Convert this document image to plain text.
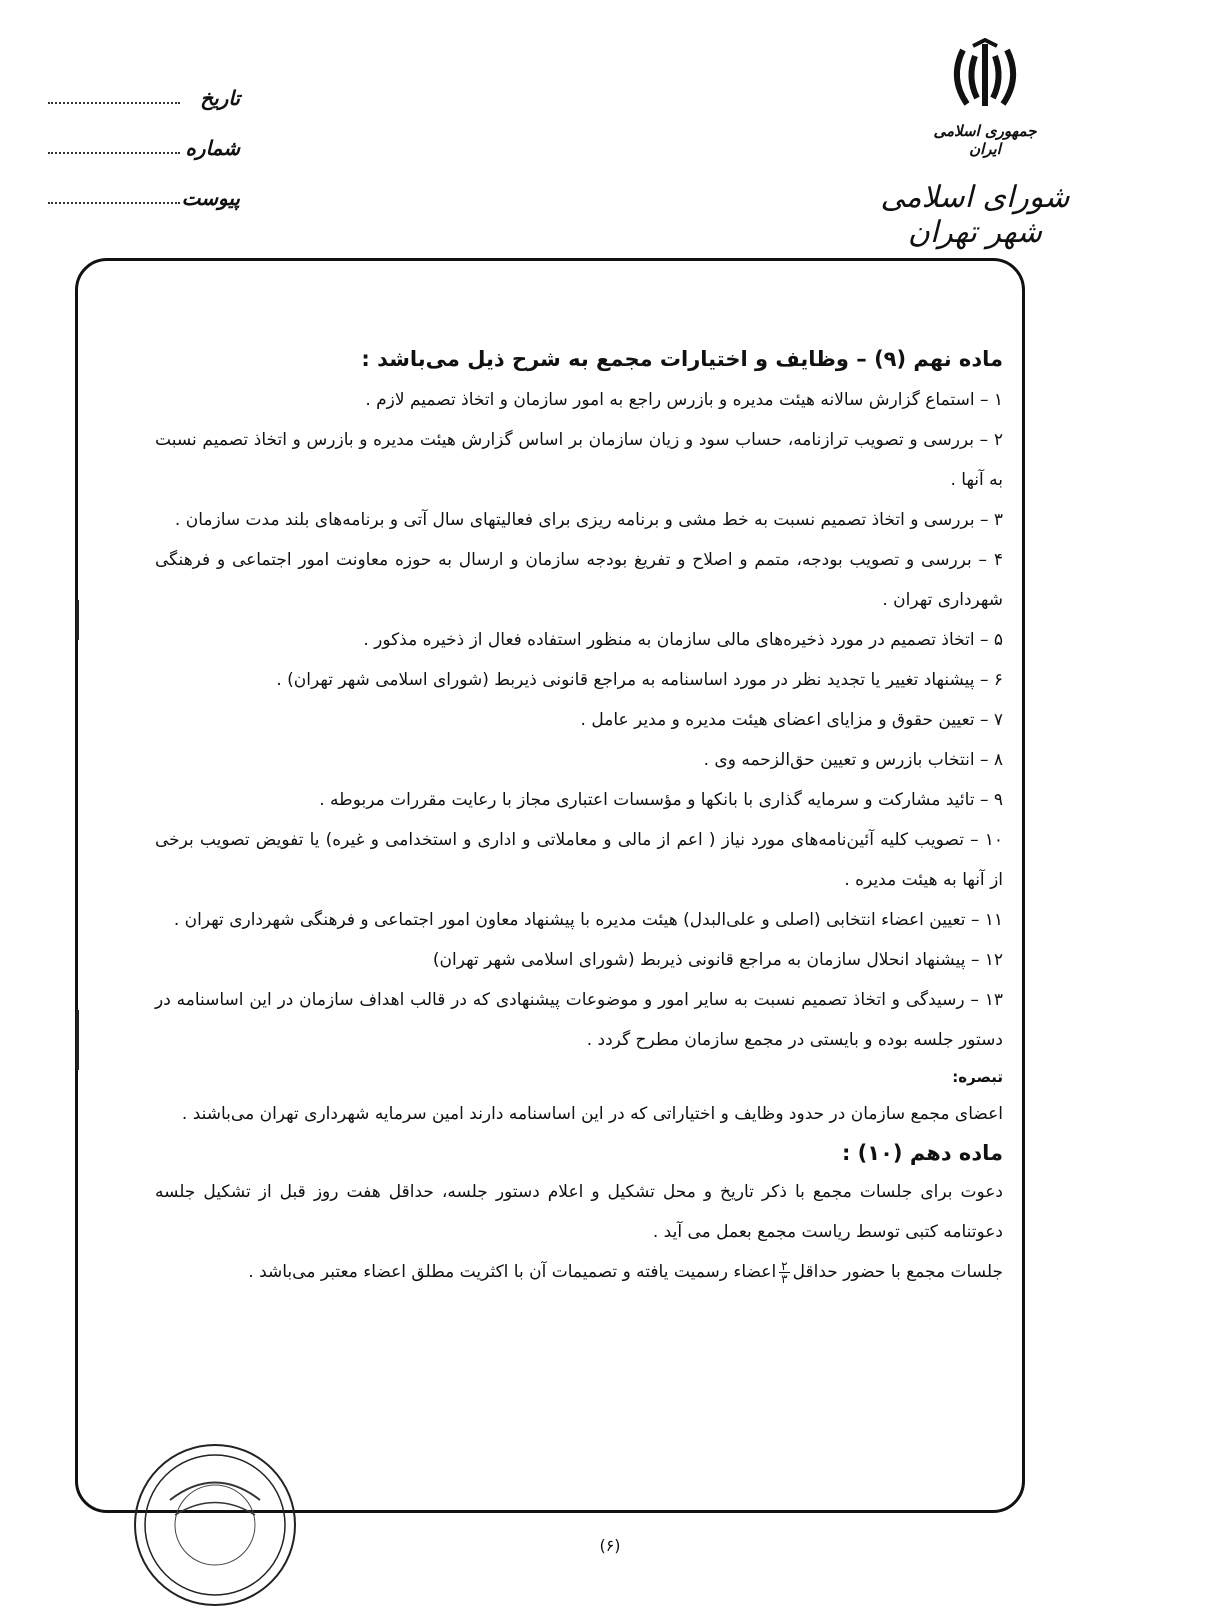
جمهوری اسلامی ایران
شورای اسلامی شهر تهران
تاریخ
شماره
پیوست

ماده نهم (۹) – وظایف و اختیارات مجمع به شرح ذیل می‌باشد :

۱ – استماع گزارش سالانه هیئت مدیره و بازرس راجع به امور سازمان و اتخاذ تصمیم لازم .

۲ – بررسی و تصویب ترازنامه، حساب سود و زیان سازمان بر اساس گزارش هیئت مدیره و بازرس و اتخاذ تصمیم نسبت به آنها .

۳ – بررسی و اتخاذ تصمیم نسبت به خط مشی و برنامه ریزی برای فعالیتهای سال آتی و برنامه‌های بلند مدت سازمان .

۴ – بررسی و تصویب بودجه، متمم و اصلاح و تفریغ بودجه سازمان و ارسال به حوزه معاونت امور اجتماعی و فرهنگی شهرداری تهران .

۵ – اتخاذ تصمیم در مورد ذخیره‌های مالی سازمان به منظور استفاده فعال از ذخیره مذکور .

۶ – پیشنهاد تغییر یا تجدید نظر در مورد اساسنامه به مراجع قانونی ذیربط (شورای اسلامی شهر تهران) .

۷ – تعیین حقوق و مزایای اعضای هیئت مدیره و مدیر عامل .

۸ – انتخاب بازرس و تعیین حق‌الزحمه وی .

۹ – تائید مشارکت و سرمایه گذاری با بانکها و مؤسسات اعتباری مجاز با رعایت مقررات مربوطه .

۱۰ – تصویب کلیه آئین‌نامه‌های مورد نیاز ( اعم از مالی و معاملاتی و اداری و استخدامی و غیره) یا تفویض تصویب برخی از آنها به هیئت مدیره .

۱۱ – تعیین اعضاء انتخابی (اصلی و علی‌البدل) هیئت مدیره با پیشنهاد معاون امور اجتماعی و فرهنگی شهرداری تهران .

۱۲ – پیشنهاد انحلال سازمان به مراجع قانونی ذیربط (شورای اسلامی شهر تهران)

۱۳ – رسیدگی و اتخاذ تصمیم نسبت به سایر امور و موضوعات پیشنهادی که در قالب اهداف سازمان در این اساسنامه در دستور جلسه بوده و بایستی در مجمع سازمان مطرح گردد .

تبصره:

اعضای مجمع سازمان در حدود وظایف و اختیاراتی که در این اساسنامه دارند امین سرمایه شهرداری تهران می‌باشند .

ماده دهم (۱۰) :

دعوت برای جلسات مجمع با ذکر تاریخ و محل تشکیل و اعلام دستور جلسه، حداقل هفت روز قبل از تشکیل جلسه دعوتنامه کتبی توسط ریاست مجمع بعمل می آید .

جلسات مجمع با حضور حداقل
$\frac{۲}{۳}$
اعضاء رسمیت یافته و تصمیمات آن با اکثریت مطلق اعضاء معتبر می‌باشد .

(۶)
